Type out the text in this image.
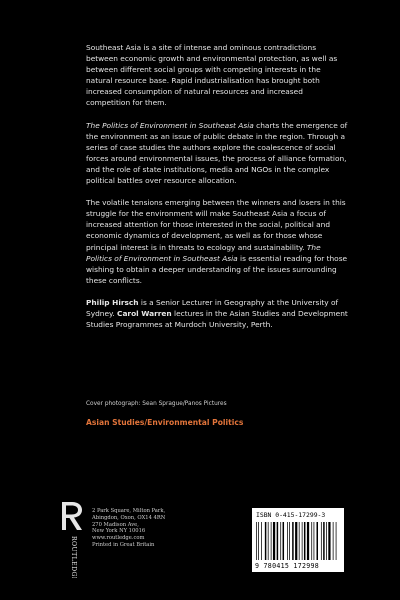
Southeast Asia is a site of intense and ominous contradictions between economic growth and environmental protection, as well as between different social groups with competing interests in the natural resource base. Rapid industrialisation has brought both increased consumption of natural resources and increased competition for them.

The Politics of Environment in Southeast Asia charts the emergence of the environment as an issue of public debate in the region. Through a series of case studies the authors explore the coalescence of social forces around environmental issues, the process of alliance formation, and the role of state institutions, media and NGOs in the complex political battles over resource allocation.

The volatile tensions emerging between the winners and losers in this struggle for the environment will make Southeast Asia a focus of increased attention for those interested in the social, political and economic dynamics of development, as well as for those whose principal interest is in threats to ecology and sustainability. The Politics of Environment in Southeast Asia is essential reading for those wishing to obtain a deeper understanding of the issues surrounding these conflicts.

Philip Hirsch is a Senior Lecturer in Geography at the University of Sydney. Carol Warren lectures in the Asian Studies and Development Studies Programmes at Murdoch University, Perth.

Cover photograph: Sean Sprague/Panos Pictures
Asian Studies/Environmental Politics
ROUTLEDGE
2 Park Square, Milton Park,
Abingdon, Oxon, OX14 4RN
270 Madison Ave,
New York NY 10016
www.routledge.com
Printed in Great Britain
ISBN 0-415-17299-3
9 780415 172998
